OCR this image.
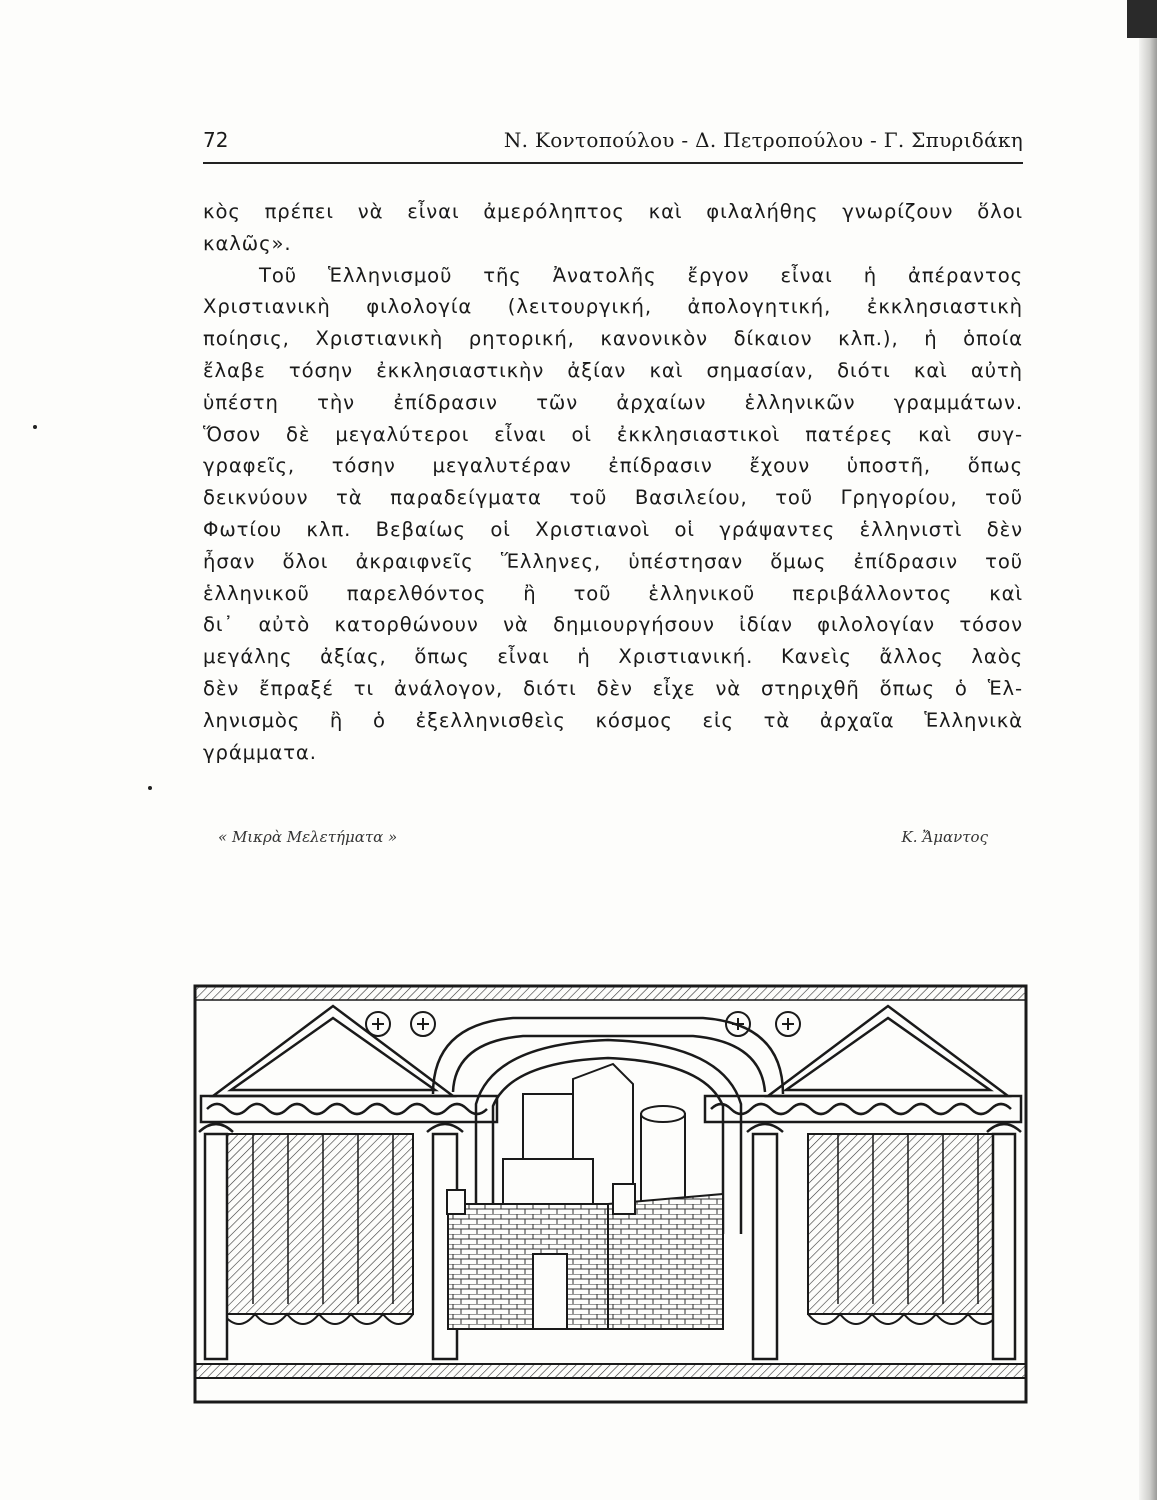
72	Ν. Κοντοπούλου - Δ. Πετροπούλου - Γ. Σπυριδάκη
κὸς πρέπει νὰ εἶναι ἀμερόληπτος καὶ φιλαλήθης γνωρίζουν ὅλοι
καλῶς».
Τοῦ Ἑλληνισμοῦ τῆς Ἀνατολῆς ἔργον εἶναι ἡ ἀπέραντος
Χριστιανικὴ φιλολογία (λειτουργική, ἀπολογητική, ἐκκλησιαστικὴ
ποίησις, Χριστιανικὴ ρητορική, κανονικὸν δίκαιον κλπ.), ἡ ὁποία
ἔλαβε τόσην ἐκκλησιαστικὴν ἀξίαν καὶ σημασίαν, διότι καὶ αὐτὴ
ὑπέστη τὴν ἐπίδρασιν τῶν ἀρχαίων ἑλληνικῶν γραμμάτων.
Ὅσον δὲ μεγαλύτεροι εἶναι οἱ ἐκκλησιαστικοὶ πατέρες καὶ συγ-
γραφεῖς, τόσην μεγαλυτέραν ἐπίδρασιν ἔχουν ὑποστῆ, ὅπως
δεικνύουν τὰ παραδείγματα τοῦ Βασιλείου, τοῦ Γρηγορίου, τοῦ
Φωτίου κλπ. Βεβαίως οἱ Χριστιανοὶ οἱ γράψαντες ἑλληνιστὶ δὲν
ἦσαν ὅλοι ἀκραιφνεῖς Ἕλληνες, ὑπέστησαν ὅμως ἐπίδρασιν τοῦ
ἑλληνικοῦ παρελθόντος ἢ τοῦ ἑλληνικοῦ περιβάλλοντος καὶ
δι᾿ αὐτὸ κατορθώνουν νὰ δημιουργήσουν ἰδίαν φιλολογίαν τόσον
μεγάλης ἀξίας, ὅπως εἶναι ἡ Χριστιανική. Κανεὶς ἄλλος λαὸς
δὲν ἔπραξέ τι ἀνάλογον, διότι δὲν εἶχε νὰ στηριχθῆ ὅπως ὁ Ἑλ-
ληνισμὸς ἢ ὁ ἐξελληνισθεὶς κόσμος εἰς τὰ ἀρχαῖα Ἑλληνικὰ
γράμματα.
« Μικρὰ Μελετήματα »	Κ. Ἄμαντος
